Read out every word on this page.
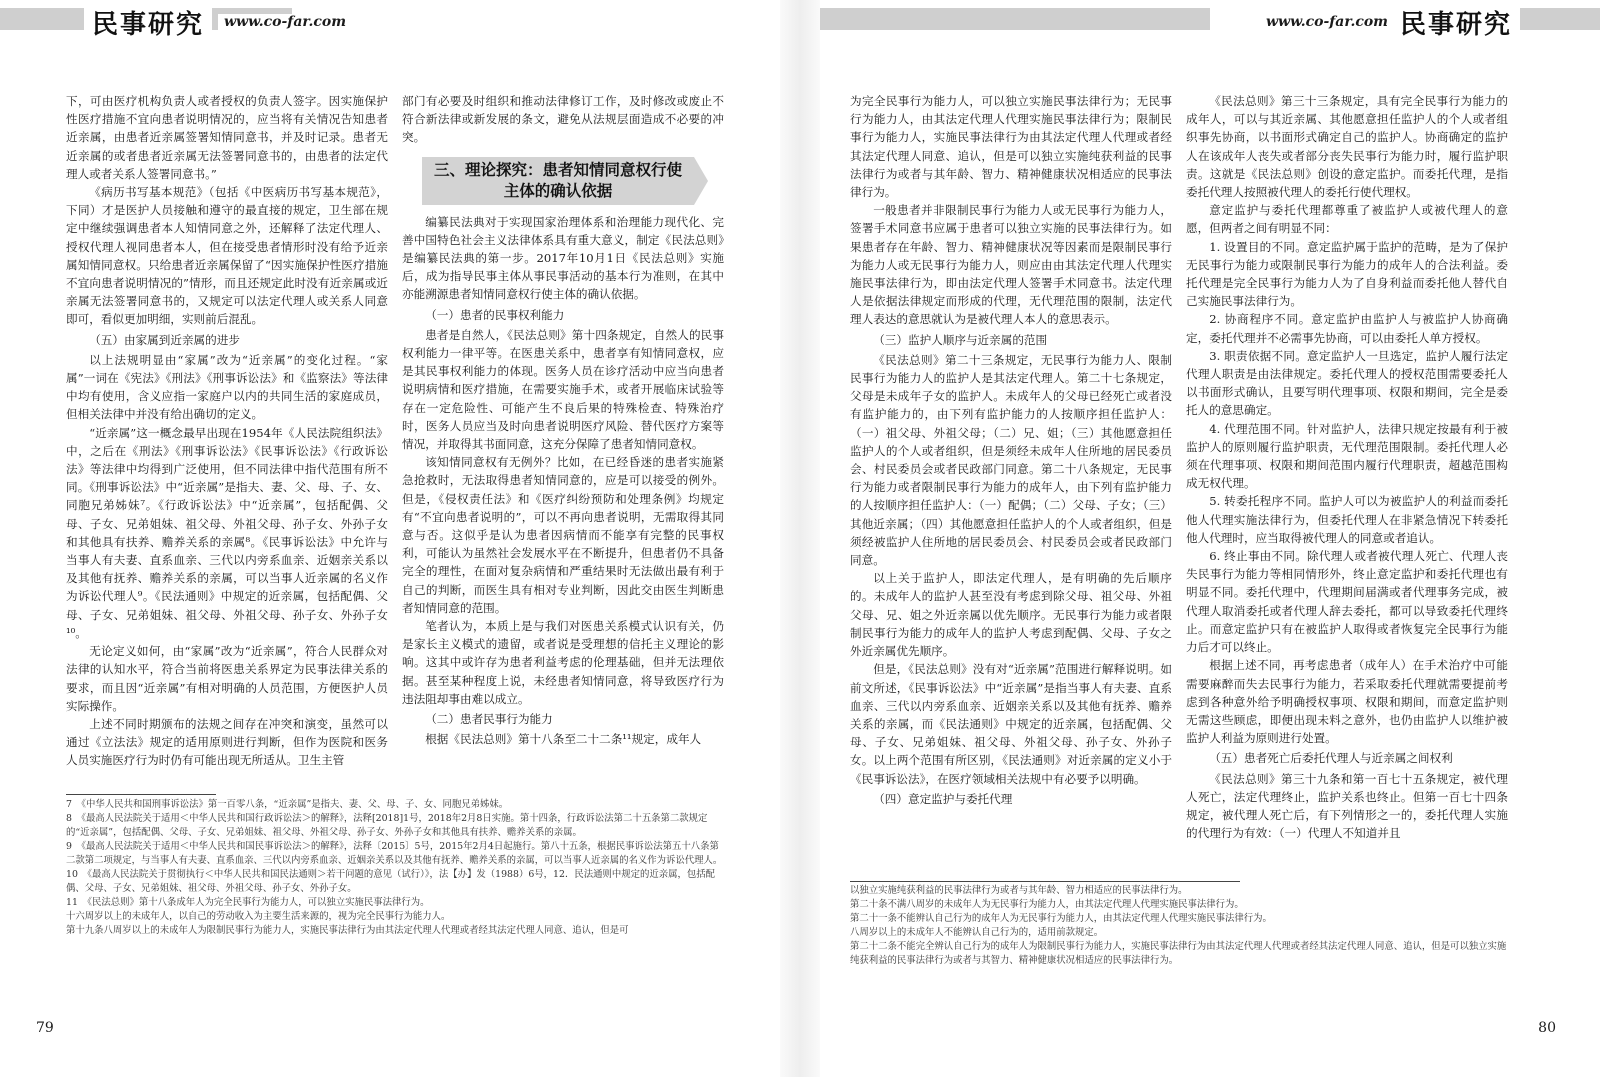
民事研究	www.co-far.com

下，可由医疗机构负责人或者授权的负责人签字。因实施保护性医疗措施不宜向患者说明情况的，应当将有关情况告知患者近亲属，由患者近亲属签署知情同意书，并及时记录。患者无近亲属的或者患者近亲属无法签署同意书的，由患者的法定代理人或者关系人签署同意书。”

《病历书写基本规范》（包括《中医病历书写基本规范》，下同）才是医护人员接触和遵守的最直接的规定，卫生部在规定中继续强调患者本人知情同意之外，还解释了法定代理人、授权代理人视同患者本人，但在接受患者情形时没有给予近亲属知情同意权。只给患者近亲属保留了“因实施保护性医疗措施不宜向患者说明情况的”情形，而且还规定此时没有近亲属或近亲属无法签署同意书的，又规定可以法定代理人或关系人同意即可，看似更加明细，实则前后混乱。

（五）由家属到近亲属的进步

以上法规明显由“家属”改为“近亲属”的变化过程。“家属”一词在《宪法》《刑法》《刑事诉讼法》和《监察法》等法律中均有使用，含义应指一家庭户以内的共同生活的家庭成员，但相关法律中并没有给出确切的定义。

“近亲属”这一概念最早出现在1954年《人民法院组织法》中，之后在《刑法》《刑事诉讼法》《民事诉讼法》《行政诉讼法》等法律中均得到广泛使用，但不同法律中指代范围有所不同。《刑事诉讼法》中“近亲属”是指夫、妻、父、母、子、女、同胞兄弟姊妹⁷。《行政诉讼法》中“近亲属”，包括配偶、父母、子女、兄弟姐妹、祖父母、外祖父母、孙子女、外孙子女和其他具有扶养、赡养关系的亲属⁸。《民事诉讼法》中允许与当事人有夫妻、直系血亲、三代以内旁系血亲、近姻亲关系以及其他有抚养、赡养关系的亲属，可以当事人近亲属的名义作为诉讼代理人⁹。《民法通则》中规定的近亲属，包括配偶、父母、子女、兄弟姐妹、祖父母、外祖父母、孙子女、外孙子女¹⁰。

无论定义如何，由“家属”改为“近亲属”，符合人民群众对法律的认知水平，符合当前将医患关系界定为民事法律关系的要求，而且因“近亲属”有相对明确的人员范围，方便医护人员实际操作。

上述不同时期颁布的法规之间存在冲突和演变，虽然可以通过《立法法》规定的适用原则进行判断，但作为医院和医务人员实施医疗行为时仍有可能出现无所适从。卫生主管

部门有必要及时组织和推动法律修订工作，及时修改或废止不符合新法律或新发展的条文，避免从法规层面造成不必要的冲突。

三、理论探究：患者知情同意权行使主体的确认依据

编纂民法典对于实现国家治理体系和治理能力现代化、完善中国特色社会主义法律体系具有重大意义，制定《民法总则》是编纂民法典的第一步。2017年10月1日《民法总则》实施后，成为指导民事主体从事民事活动的基本行为准则，在其中亦能溯源患者知情同意权行使主体的确认依据。

（一）患者的民事权利能力

患者是自然人，《民法总则》第十四条规定，自然人的民事权利能力一律平等。在医患关系中，患者享有知情同意权，应是其民事权利能力的体现。医务人员在诊疗活动中应当向患者说明病情和医疗措施，在需要实施手术，或者开展临床试验等存在一定危险性、可能产生不良后果的特殊检查、特殊治疗时，医务人员应当及时向患者说明医疗风险、替代医疗方案等情况，并取得其书面同意，这充分保障了患者知情同意权。

该知情同意权有无例外？比如，在已经昏迷的患者实施紧急抢救时，无法取得患者知情同意的，应是可以接受的例外。但是，《侵权责任法》和《医疗纠纷预防和处理条例》均规定有“不宜向患者说明的”，可以不再向患者说明，无需取得其同意与否。这似乎是认为患者因病情而不能享有完整的民事权利，可能认为虽然社会发展水平在不断提升，但患者仍不具备完全的理性，在面对复杂病情和严重结果时无法做出最有利于自己的判断，而医生具有相对专业判断，因此交由医生判断患者知情同意的范围。

笔者认为，本质上是与我们对医患关系模式认识有关，仍是家长主义模式的遗留，或者说是受理想的信托主义理论的影响。这其中或许存为患者利益考虑的伦理基础，但并无法理依据。甚至某种程度上说，未经患者知情同意，将导致医疗行为违法阻却事由难以成立。

（二）患者民事行为能力

根据《民法总则》第十八条至二十二条¹¹规定，成年人

7　《中华人民共和国刑事诉讼法》第一百零八条，“近亲属”是指夫、妻、父、母、子、女、同胞兄弟姊妹。

8　《最高人民法院关于适用＜中华人民共和国行政诉讼法＞的解释》，法释[2018]1号，2018年2月8日实施。第十四条，行政诉讼法第二十五条第二款规定的“近亲属”，包括配偶、父母、子女、兄弟姐妹、祖父母、外祖父母、孙子女、外孙子女和其他具有扶养、赡养关系的亲属。

9　《最高人民法院关于适用＜中华人民共和国民事诉讼法＞的解释》，法释〔2015〕5号，2015年2月4日起施行。第八十五条，根据民事诉讼法第五十八条第二款第二项规定，与当事人有夫妻、直系血亲、三代以内旁系血亲、近姻亲关系以及其他有抚养、赡养关系的亲属，可以当事人近亲属的名义作为诉讼代理人。

10　《最高人民法院关于贯彻执行＜中华人民共和国民法通则＞若干问题的意见（试行）》，法【办】发（1988）6号，12．民法通则中规定的近亲属，包括配偶、父母、子女、兄弟姐妹、祖父母、外祖父母、孙子女、外孙子女。

11　《民法总则》第十八条成年人为完全民事行为能力人，可以独立实施民事法律行为。

十六周岁以上的未成年人，以自己的劳动收入为主要生活来源的，视为完全民事行为能力人。

第十九条八周岁以上的未成年人为限制民事行为能力人，实施民事法律行为由其法定代理人代理或者经其法定代理人同意、追认，但是可

79
www.co-far.com 民事研究

为完全民事行为能力人，可以独立实施民事法律行为；无民事行为能力人，由其法定代理人代理实施民事法律行为；限制民事行为能力人，实施民事法律行为由其法定代理人代理或者经其法定代理人同意、追认，但是可以独立实施纯获利益的民事法律行为或者与其年龄、智力、精神健康状况相适应的民事法律行为。

一般患者并非限制民事行为能力人或无民事行为能力人，签署手术同意书应属于患者可以独立实施的民事法律行为。如果患者存在年龄、智力、精神健康状况等因素而是限制民事行为能力人或无民事行为能力人，则应由由其法定代理人代理实施民事法律行为，即由法定代理人签署手术同意书。法定代理人是依据法律规定而形成的代理，无代理范围的限制，法定代理人表达的意思就认为是被代理人本人的意思表示。

（三）监护人顺序与近亲属的范围

《民法总则》第二十三条规定，无民事行为能力人、限制民事行为能力人的监护人是其法定代理人。第二十七条规定，父母是未成年子女的监护人。未成年人的父母已经死亡或者没有监护能力的，由下列有监护能力的人按顺序担任监护人：（一）祖父母、外祖父母；（二）兄、姐；（三）其他愿意担任监护人的个人或者组织，但是须经未成年人住所地的居民委员会、村民委员会或者民政部门同意。第二十八条规定，无民事行为能力或者限制民事行为能力的成年人，由下列有监护能力的人按顺序担任监护人：（一）配偶；（二）父母、子女；（三）其他近亲属；（四）其他愿意担任监护人的个人或者组织，但是须经被监护人住所地的居民委员会、村民委员会或者民政部门同意。

以上关于监护人，即法定代理人，是有明确的先后顺序的。未成年人的监护人甚至没有考虑到除父母、祖父母、外祖父母、兄、姐之外近亲属以优先顺序。无民事行为能力或者限制民事行为能力的成年人的监护人考虑到配偶、父母、子女之外近亲属优先顺序。

但是，《民法总则》没有对“近亲属”范围进行解释说明。如前文所述，《民事诉讼法》中“近亲属”是指当事人有夫妻、直系血亲、三代以内旁系血亲、近姻亲关系以及其他有抚养、赡养关系的亲属，而《民法通则》中规定的近亲属，包括配偶、父母、子女、兄弟姐妹、祖父母、外祖父母、孙子女、外孙子女。以上两个范围有所区别，《民法通则》对近亲属的定义小于《民事诉讼法》，在医疗领域相关法规中有必要予以明确。

（四）意定监护与委托代理

《民法总则》第三十三条规定，具有完全民事行为能力的成年人，可以与其近亲属、其他愿意担任监护人的个人或者组织事先协商，以书面形式确定自己的监护人。协商确定的监护人在该成年人丧失或者部分丧失民事行为能力时，履行监护职责。这就是《民法总则》创设的意定监护。而委托代理，是指委托代理人按照被代理人的委托行使代理权。

意定监护与委托代理都尊重了被监护人或被代理人的意愿，但两者之间有明显不同：

1. 设置目的不同。意定监护属于监护的范畴，是为了保护无民事行为能力或限制民事行为能力的成年人的合法利益。委托代理是完全民事行为能力人为了自身利益而委托他人替代自己实施民事法律行为。

2. 协商程序不同。意定监护由监护人与被监护人协商确定，委托代理并不必需事先协商，可以由委托人单方授权。

3. 职责依据不同。意定监护人一旦选定，监护人履行法定代理人职责是由法律规定。委托代理人的授权范围需要委托人以书面形式确认，且要写明代理事项、权限和期间，完全是委托人的意思确定。

4. 代理范围不同。针对监护人，法律只规定按最有利于被监护人的原则履行监护职责，无代理范围限制。委托代理人必须在代理事项、权限和期间范围内履行代理职责，超越范围构成无权代理。

5. 转委托程序不同。监护人可以为被监护人的利益而委托他人代理实施法律行为，但委托代理人在非紧急情况下转委托他人代理时，应当取得被代理人的同意或者追认。

6. 终止事由不同。除代理人或者被代理人死亡、代理人丧失民事行为能力等相同情形外，终止意定监护和委托代理也有明显不同。委托代理中，代理期间届满或者代理事务完成，被代理人取消委托或者代理人辞去委托，都可以导致委托代理终止。而意定监护只有在被监护人取得或者恢复完全民事行为能力后才可以终止。

根据上述不同，再考虑患者（成年人）在手术治疗中可能需要麻醉而失去民事行为能力，若采取委托代理就需要提前考虑到各种意外给予明确授权事项、权限和期间，而意定监护则无需这些顾虑，即便出现未料之意外，也仍由监护人以维护被监护人利益为原则进行处置。

（五）患者死亡后委托代理人与近亲属之间权利

《民法总则》第三十九条和第一百七十五条规定，被代理人死亡，法定代理终止，监护关系也终止。但第一百七十四条规定，被代理人死亡后，有下列情形之一的，委托代理人实施的代理行为有效：（一）代理人不知道并且

以独立实施纯获利益的民事法律行为或者与其年龄、智力相适应的民事法律行为。

第二十条不满八周岁的未成年人为无民事行为能力人，由其法定代理人代理实施民事法律行为。

第二十一条不能辨认自己行为的成年人为无民事行为能力人，由其法定代理人代理实施民事法律行为。

八周岁以上的未成年人不能辨认自己行为的，适用前款规定。

第二十二条不能完全辨认自己行为的成年人为限制民事行为能力人，实施民事法律行为由其法定代理人代理或者经其法定代理人同意、追认，但是可以独立实施纯获利益的民事法律行为或者与其智力、精神健康状况相适应的民事法律行为。

80
